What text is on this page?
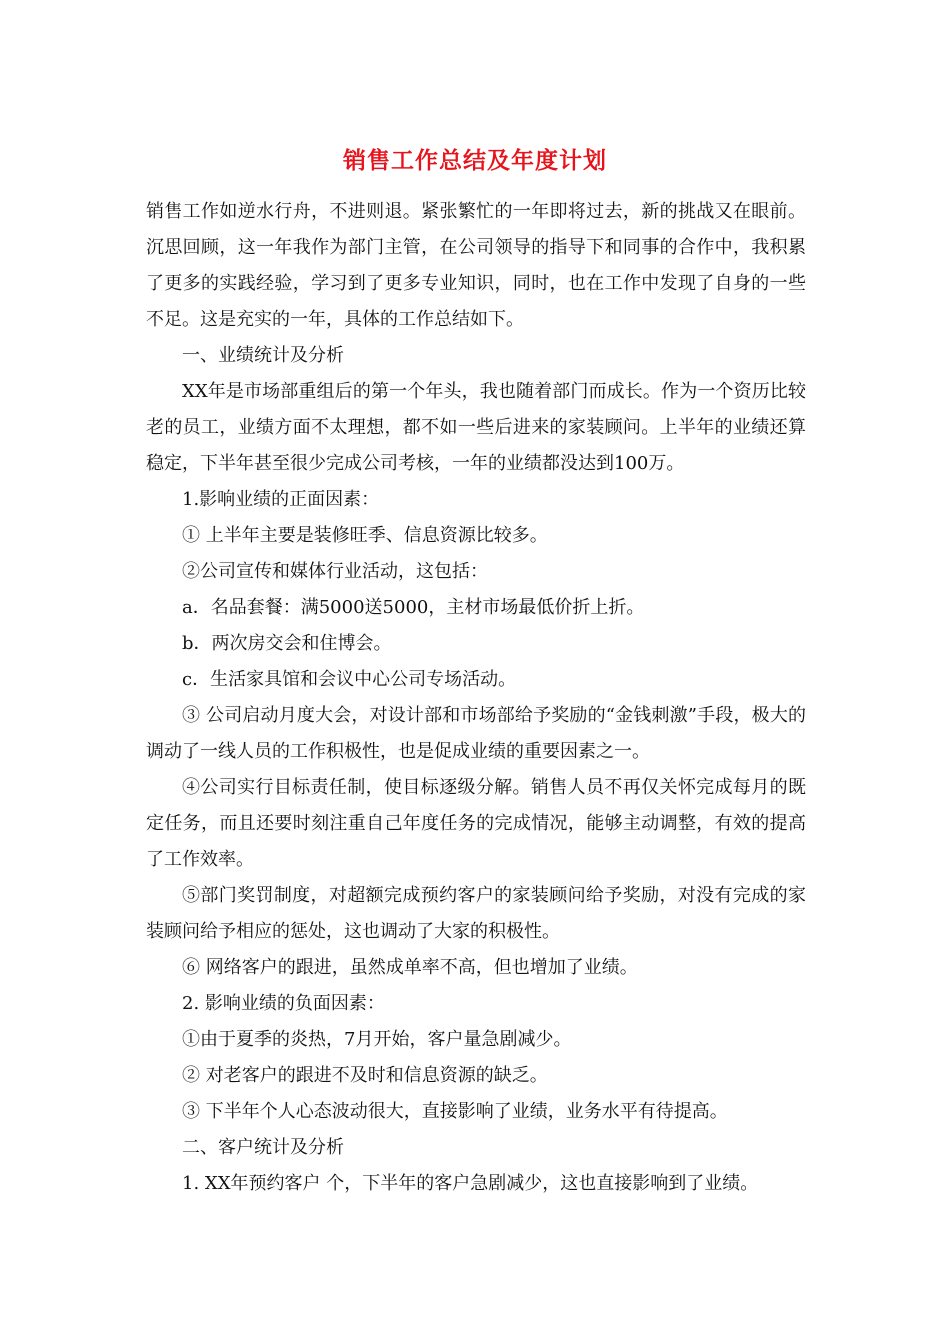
销售工作总结及年度计划

销售工作如逆水行舟，不进则退。紧张繁忙的一年即将过去，新的挑战又在眼前。沉思回顾，这一年我作为部门主管，在公司领导的指导下和同事的合作中，我积累了更多的实践经验，学习到了更多专业知识，同时，也在工作中发现了自身的一些不足。这是充实的一年，具体的工作总结如下。

一、业绩统计及分析

XX年是市场部重组后的第一个年头，我也随着部门而成长。作为一个资历比较老的员工，业绩方面不太理想，都不如一些后进来的家装顾问。上半年的业绩还算稳定，下半年甚至很少完成公司考核，一年的业绩都没达到100万。

1.影响业绩的正面因素：

① 上半年主要是装修旺季、信息资源比较多。

②公司宣传和媒体行业活动，这包括：

a．名品套餐：满5000送5000，主材市场最低价折上折。

b．两次房交会和住博会。

c．生活家具馆和会议中心公司专场活动。

③ 公司启动月度大会，对设计部和市场部给予奖励的“金钱刺激”手段，极大的调动了一线人员的工作积极性，也是促成业绩的重要因素之一。

④公司实行目标责任制，使目标逐级分解。销售人员不再仅关怀完成每月的既定任务，而且还要时刻注重自己年度任务的完成情况，能够主动调整，有效的提高了工作效率。

⑤部门奖罚制度，对超额完成预约客户的家装顾问给予奖励，对没有完成的家装顾问给予相应的惩处，这也调动了大家的积极性。

⑥ 网络客户的跟进，虽然成单率不高，但也增加了业绩。

2. 影响业绩的负面因素：

①由于夏季的炎热，7月开始，客户量急剧减少。

② 对老客户的跟进不及时和信息资源的缺乏。

③ 下半年个人心态波动很大，直接影响了业绩，业务水平有待提高。

二、客户统计及分析

1. XX年预约客户 个，下半年的客户急剧减少，这也直接影响到了业绩。
